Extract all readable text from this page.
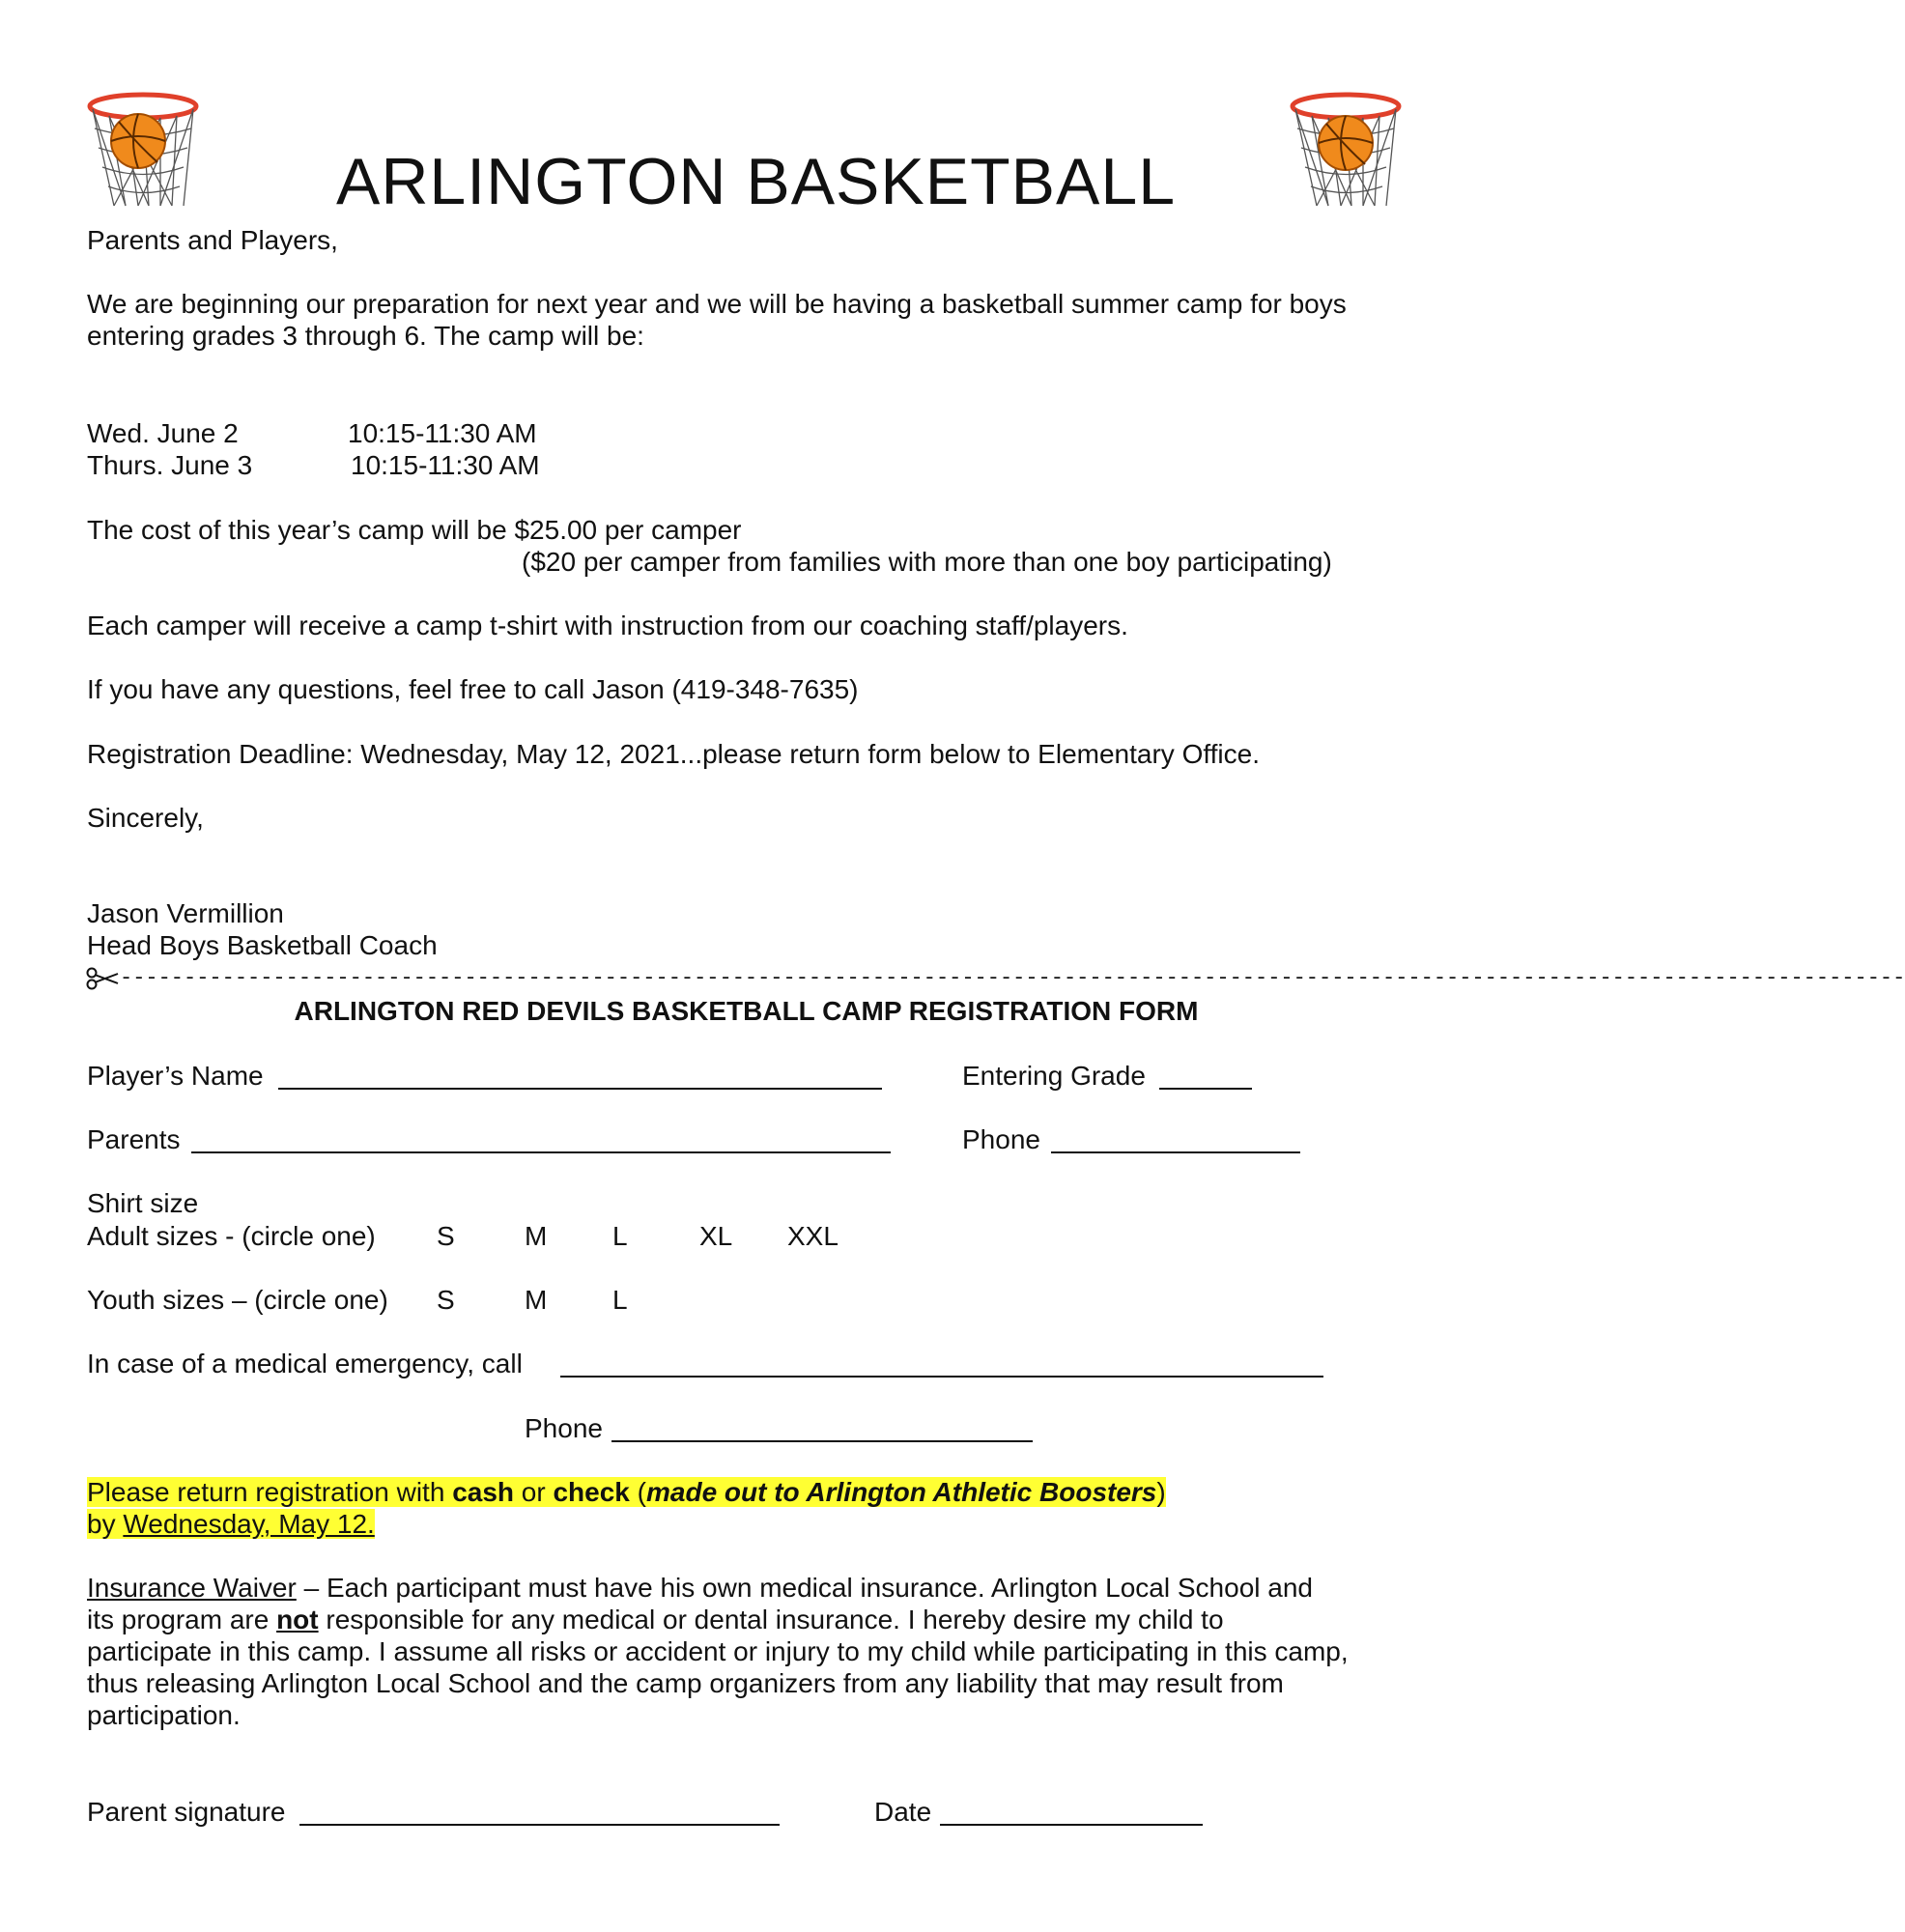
ARLINGTON BASKETBALL
Parents and Players,
We are beginning our preparation for next year and we will be having a basketball summer camp for boys
entering grades 3 through 6. The camp will be:
Wed. June 2	10:15-11:30 AM
Thurs. June 3	10:15-11:30 AM
The cost of this year’s camp will be $25.00 per camper
($20 per camper from families with more than one boy participating)
Each camper will receive a camp t-shirt with instruction from our coaching staff/players.
If you have any questions, feel free to call Jason (419-348-7635)
Registration Deadline: Wednesday, May 12, 2021...please return form below to Elementary Office.
Sincerely,
Jason Vermillion
Head Boys Basketball Coach
--------------------------------------------------------------------------------------------------------------------------------------------
ARLINGTON RED DEVILS BASKETBALL CAMP REGISTRATION FORM
Player’s Name	Entering Grade
Parents	Phone
Shirt size
Adult sizes - (circle one) S	M L	XL XXL
Youth sizes – (circle one) S	M L
In case of a medical emergency, call
Phone
Please return registration with cash or check (made out to Arlington Athletic Boosters)
by Wednesday, May 12.
Insurance Waiver – Each participant must have his own medical insurance. Arlington Local School and
its program are not responsible for any medical or dental insurance. I hereby desire my child to
participate in this camp. I assume all risks or accident or injury to my child while participating in this camp,
thus releasing Arlington Local School and the camp organizers from any liability that may result from
participation.
Parent signature	Date
